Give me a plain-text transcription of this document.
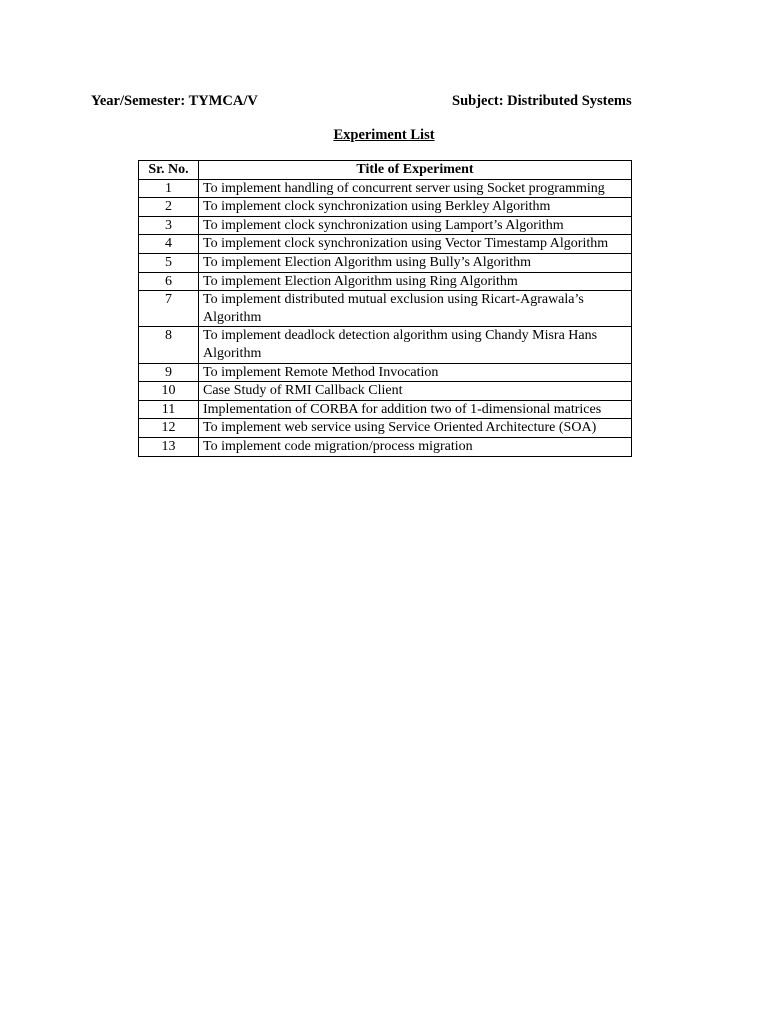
Year/Semester: TYMCA/V	Subject: Distributed Systems
Experiment List
Sr. No.	Title of Experiment
1	To implement handling of concurrent server using Socket programming
2	To implement clock synchronization using Berkley Algorithm
3	To implement clock synchronization using Lamport’s Algorithm
4	To implement clock synchronization using Vector Timestamp Algorithm
5	To implement Election Algorithm using Bully’s Algorithm
6	To implement Election Algorithm using Ring Algorithm
7	To implement distributed mutual exclusion using Ricart-Agrawala’s Algorithm
8	To implement deadlock detection algorithm using Chandy Misra Hans Algorithm
9	To implement Remote Method Invocation
10	Case Study of RMI Callback Client
11	Implementation of CORBA for addition two of 1-dimensional matrices
12	To implement web service using Service Oriented Architecture (SOA)
13	To implement code migration/process migration
